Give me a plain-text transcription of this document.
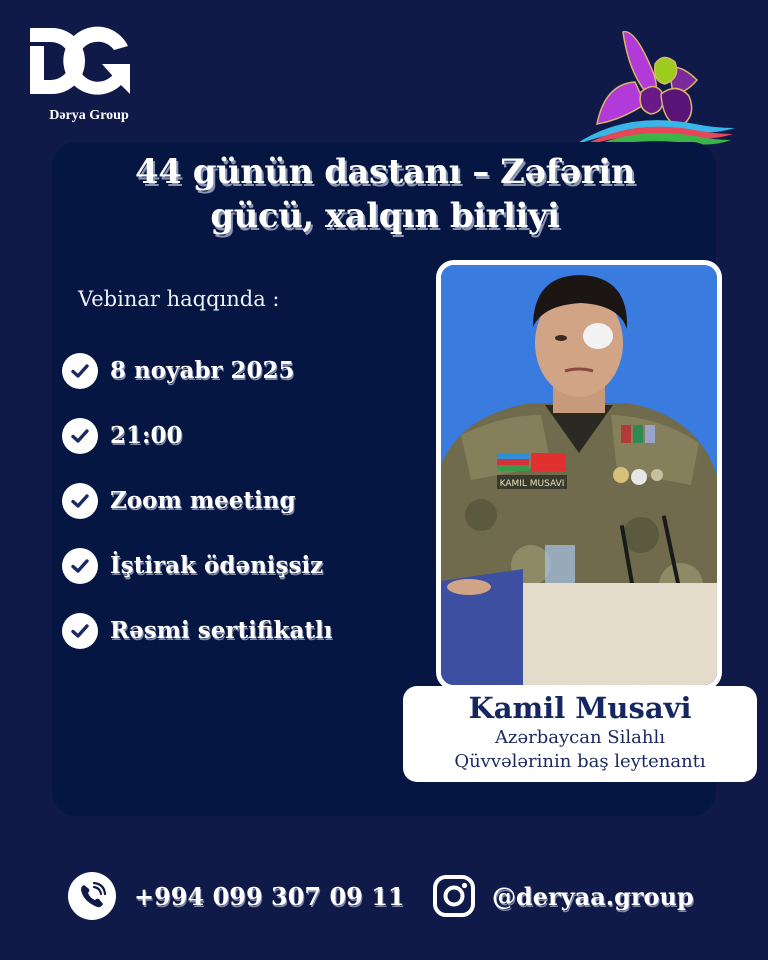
Dərya Group
44 günün dastanı – Zəfərin
gücü, xalqın birliyi
Vebinar haqqında :
8 noyabr 2025
21:00
Zoom meeting
İştirak ödənişsiz
Rəsmi sertifikatlı
KAMIL MUSAVI
Kamil Musavi
Azərbaycan Silahlı
Qüvvələrinin baş leytenantı
+994 099 307 09 11	@deryaa.group
